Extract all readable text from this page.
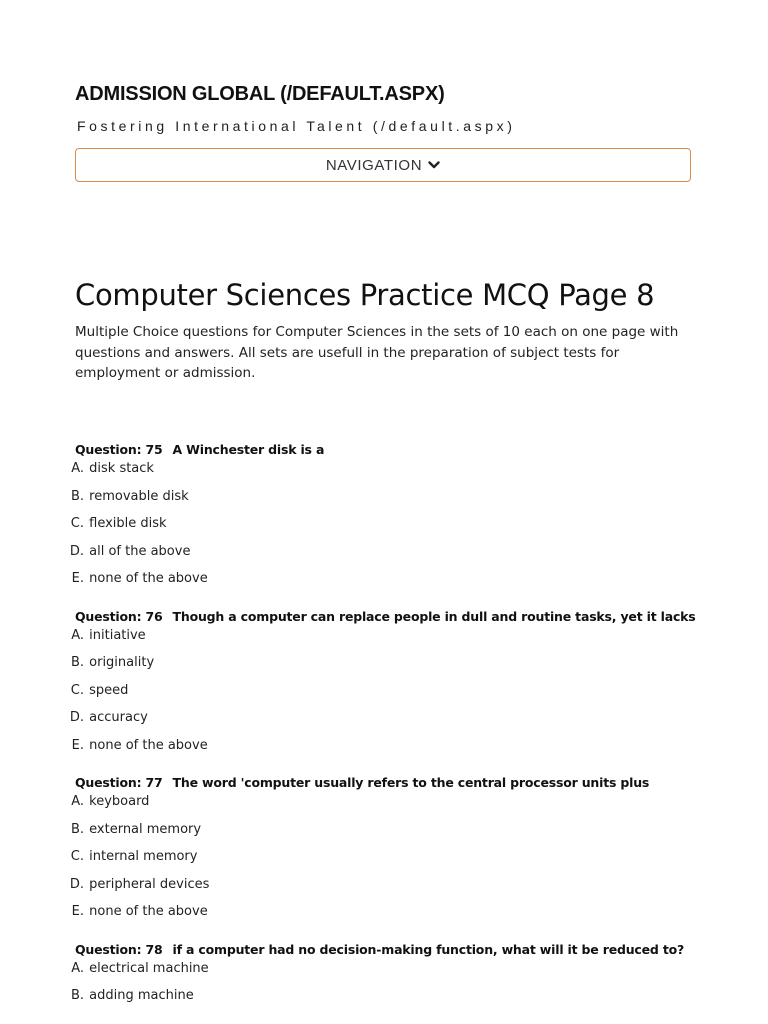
ADMISSION GLOBAL (/DEFAULT.ASPX)
Fostering International Talent (/default.aspx)
NAVIGATION
Computer Sciences Practice MCQ Page 8

Multiple Choice questions for Computer Sciences in the sets of 10 each on one page with questions and answers. All sets are usefull in the preparation of subject tests for employment or admission.

Question: 75 A Winchester disk is a
A. disk stack
B. removable disk
C. flexible disk
D. all of the above
E. none of the above
Question: 76 Though a computer can replace people in dull and routine tasks, yet it lacks
A. initiative
B. originality
C. speed
D. accuracy
E. none of the above
Question: 77 The word 'computer usually refers to the central processor units plus
A. keyboard
B. external memory
C. internal memory
D. peripheral devices
E. none of the above
Question: 78 if a computer had no decision-making function, what will it be reduced to?
A. electrical machine
B. adding machine
